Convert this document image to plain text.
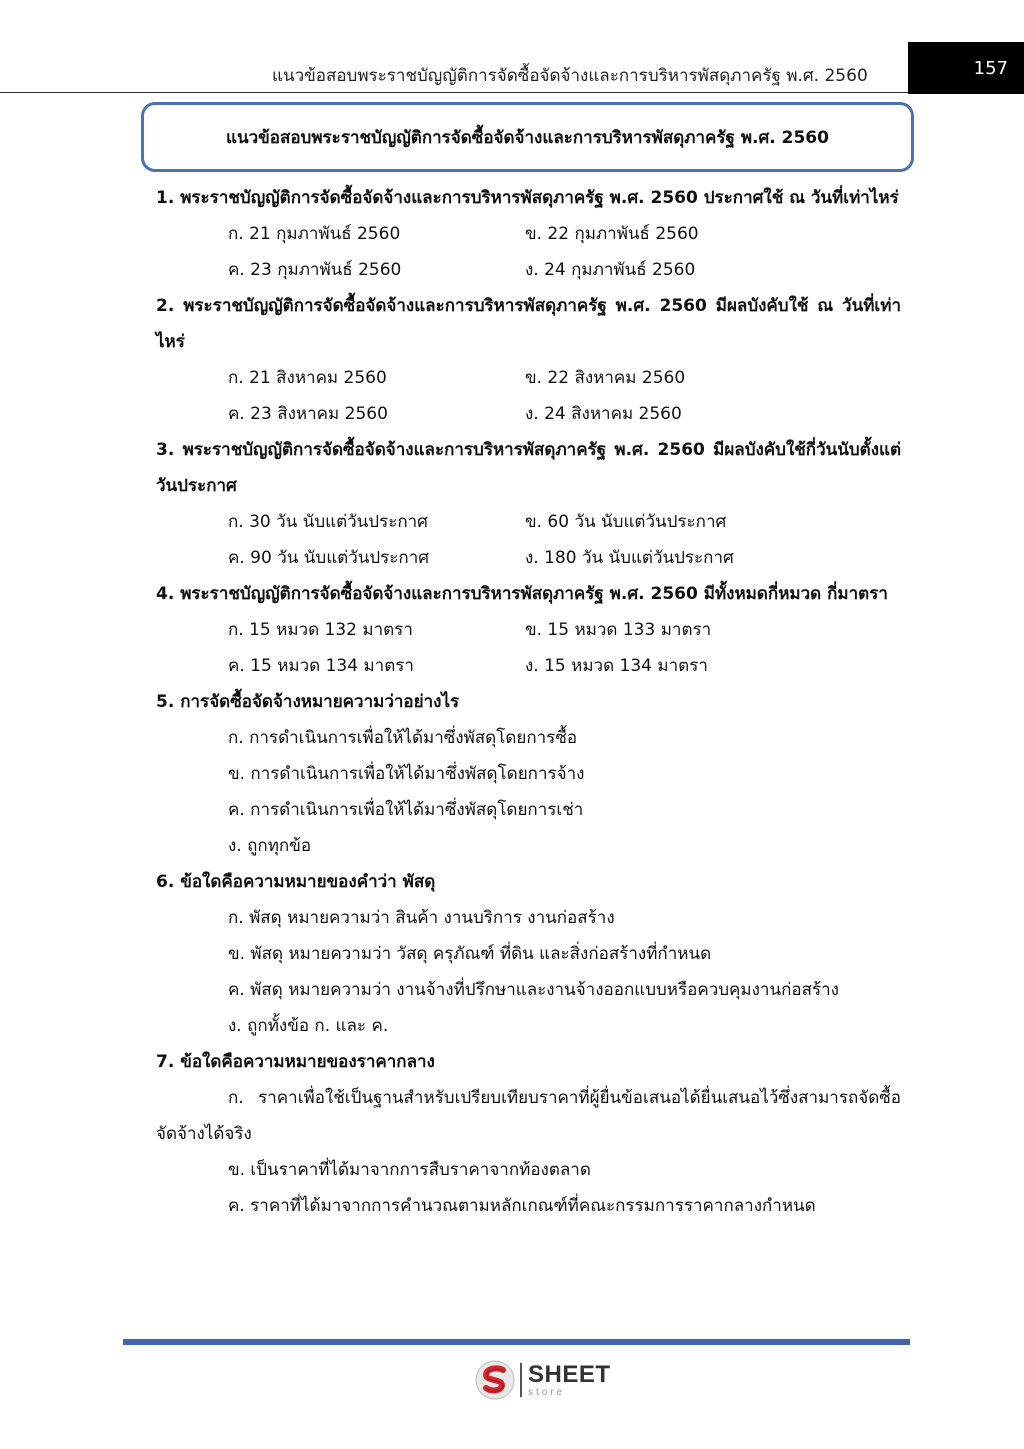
แนวข้อสอบพระราชบัญญัติการจัดซื้อจัดจ้างและการบริหารพัสดุภาครัฐ พ.ศ. 2560	157
แนวข้อสอบพระราชบัญญัติการจัดซื้อจัดจ้างและการบริหารพัสดุภาครัฐ พ.ศ. 2560
1. พระราชบัญญัติการจัดซื้อจัดจ้างและการบริหารพัสดุภาครัฐ พ.ศ. 2560 ประกาศใช้ ณ วันที่เท่าไหร่
ก. 21 กุมภาพันธ์ 2560	ข. 22 กุมภาพันธ์ 2560
ค. 23 กุมภาพันธ์ 2560	ง. 24 กุมภาพันธ์ 2560
2. พระราชบัญญัติการจัดซื้อจัดจ้างและการบริหารพัสดุภาครัฐ พ.ศ. 2560 มีผลบังคับใช้ ณ วันที่เท่าไหร่
ก. 21 สิงหาคม 2560	ข. 22 สิงหาคม 2560
ค. 23 สิงหาคม 2560	ง. 24 สิงหาคม 2560
3. พระราชบัญญัติการจัดซื้อจัดจ้างและการบริหารพัสดุภาครัฐ พ.ศ. 2560 มีผลบังคับใช้กี่วันนับตั้งแต่วันประกาศ
ก. 30 วัน นับแต่วันประกาศ	ข. 60 วัน นับแต่วันประกาศ
ค. 90 วัน นับแต่วันประกาศ	ง. 180 วัน นับแต่วันประกาศ
4. พระราชบัญญัติการจัดซื้อจัดจ้างและการบริหารพัสดุภาครัฐ พ.ศ. 2560 มีทั้งหมดกี่หมวด กี่มาตรา
ก. 15 หมวด 132 มาตรา	ข. 15 หมวด 133 มาตรา
ค. 15 หมวด 134 มาตรา	ง. 15 หมวด 134 มาตรา
5. การจัดซื้อจัดจ้างหมายความว่าอย่างไร
ก. การดำเนินการเพื่อให้ได้มาซึ่งพัสดุโดยการซื้อ
ข. การดำเนินการเพื่อให้ได้มาซึ่งพัสดุโดยการจ้าง
ค. การดำเนินการเพื่อให้ได้มาซึ่งพัสดุโดยการเช่า
ง. ถูกทุกข้อ
6. ข้อใดคือความหมายของคำว่า พัสดุ
ก. พัสดุ หมายความว่า สินค้า งานบริการ งานก่อสร้าง
ข. พัสดุ หมายความว่า วัสดุ ครุภัณฑ์ ที่ดิน และสิ่งก่อสร้างที่กำหนด
ค. พัสดุ หมายความว่า งานจ้างที่ปรึกษาและงานจ้างออกแบบหรือควบคุมงานก่อสร้าง
ง. ถูกทั้งข้อ ก. และ ค.
7. ข้อใดคือความหมายของราคากลาง
ก. ราคาเพื่อใช้เป็นฐานสำหรับเปรียบเทียบราคาที่ผู้ยื่นข้อเสนอได้ยื่นเสนอไว้ซึ่งสามารถจัดซื้อจัดจ้างได้จริง
ข. เป็นราคาที่ได้มาจากการสืบราคาจากท้องตลาด
ค. ราคาที่ได้มาจากการคำนวณตามหลักเกณฑ์ที่คณะกรรมการราคากลางกำหนด
SHEET
store
